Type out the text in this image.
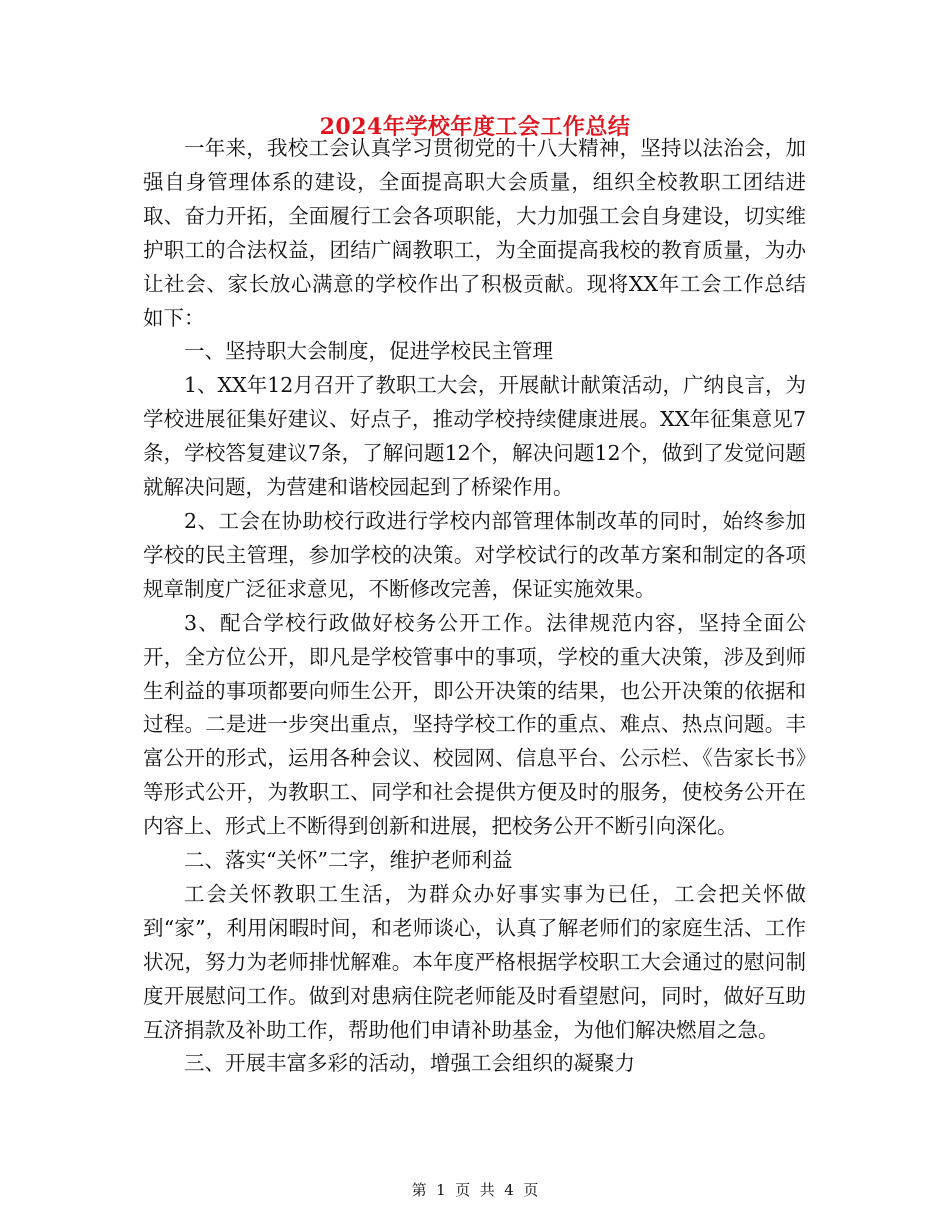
2024年学校年度工会工作总结

一年来，我校工会认真学习贯彻党的十八大精神，坚持以法治会，加强自身管理体系的建设，全面提高职大会质量，组织全校教职工团结进取、奋力开拓，全面履行工会各项职能，大力加强工会自身建设，切实维护职工的合法权益，团结广阔教职工，为全面提高我校的教育质量，为办让社会、家长放心满意的学校作出了积极贡献。现将XX年工会工作总结如下：

一、坚持职大会制度，促进学校民主管理

1、XX年12月召开了教职工大会，开展献计献策活动，广纳良言，为学校进展征集好建议、好点子，推动学校持续健康进展。XX年征集意见7条，学校答复建议7条，了解问题12个，解决问题12个，做到了发觉问题就解决问题，为营建和谐校园起到了桥梁作用。

2、工会在协助校行政进行学校内部管理体制改革的同时，始终参加学校的民主管理，参加学校的决策。对学校试行的改革方案和制定的各项规章制度广泛征求意见，不断修改完善，保证实施效果。

3、配合学校行政做好校务公开工作。法律规范内容，坚持全面公开，全方位公开，即凡是学校管事中的事项，学校的重大决策，涉及到师生利益的事项都要向师生公开，即公开决策的结果，也公开决策的依据和过程。二是进一步突出重点，坚持学校工作的重点、难点、热点问题。丰富公开的形式，运用各种会议、校园网、信息平台、公示栏、《告家长书》等形式公开，为教职工、同学和社会提供方便及时的服务，使校务公开在内容上、形式上不断得到创新和进展，把校务公开不断引向深化。

二、落实“关怀”二字，维护老师利益

工会关怀教职工生活，为群众办好事实事为已任，工会把关怀做到“家”，利用闲暇时间，和老师谈心，认真了解老师们的家庭生活、工作状况，努力为老师排忧解难。本年度严格根据学校职工大会通过的慰问制度开展慰问工作。做到对患病住院老师能及时看望慰问，同时，做好互助互济捐款及补助工作，帮助他们申请补助基金，为他们解决燃眉之急。

三、开展丰富多彩的活动，增强工会组织的凝聚力

第  1  页  共  4  页
